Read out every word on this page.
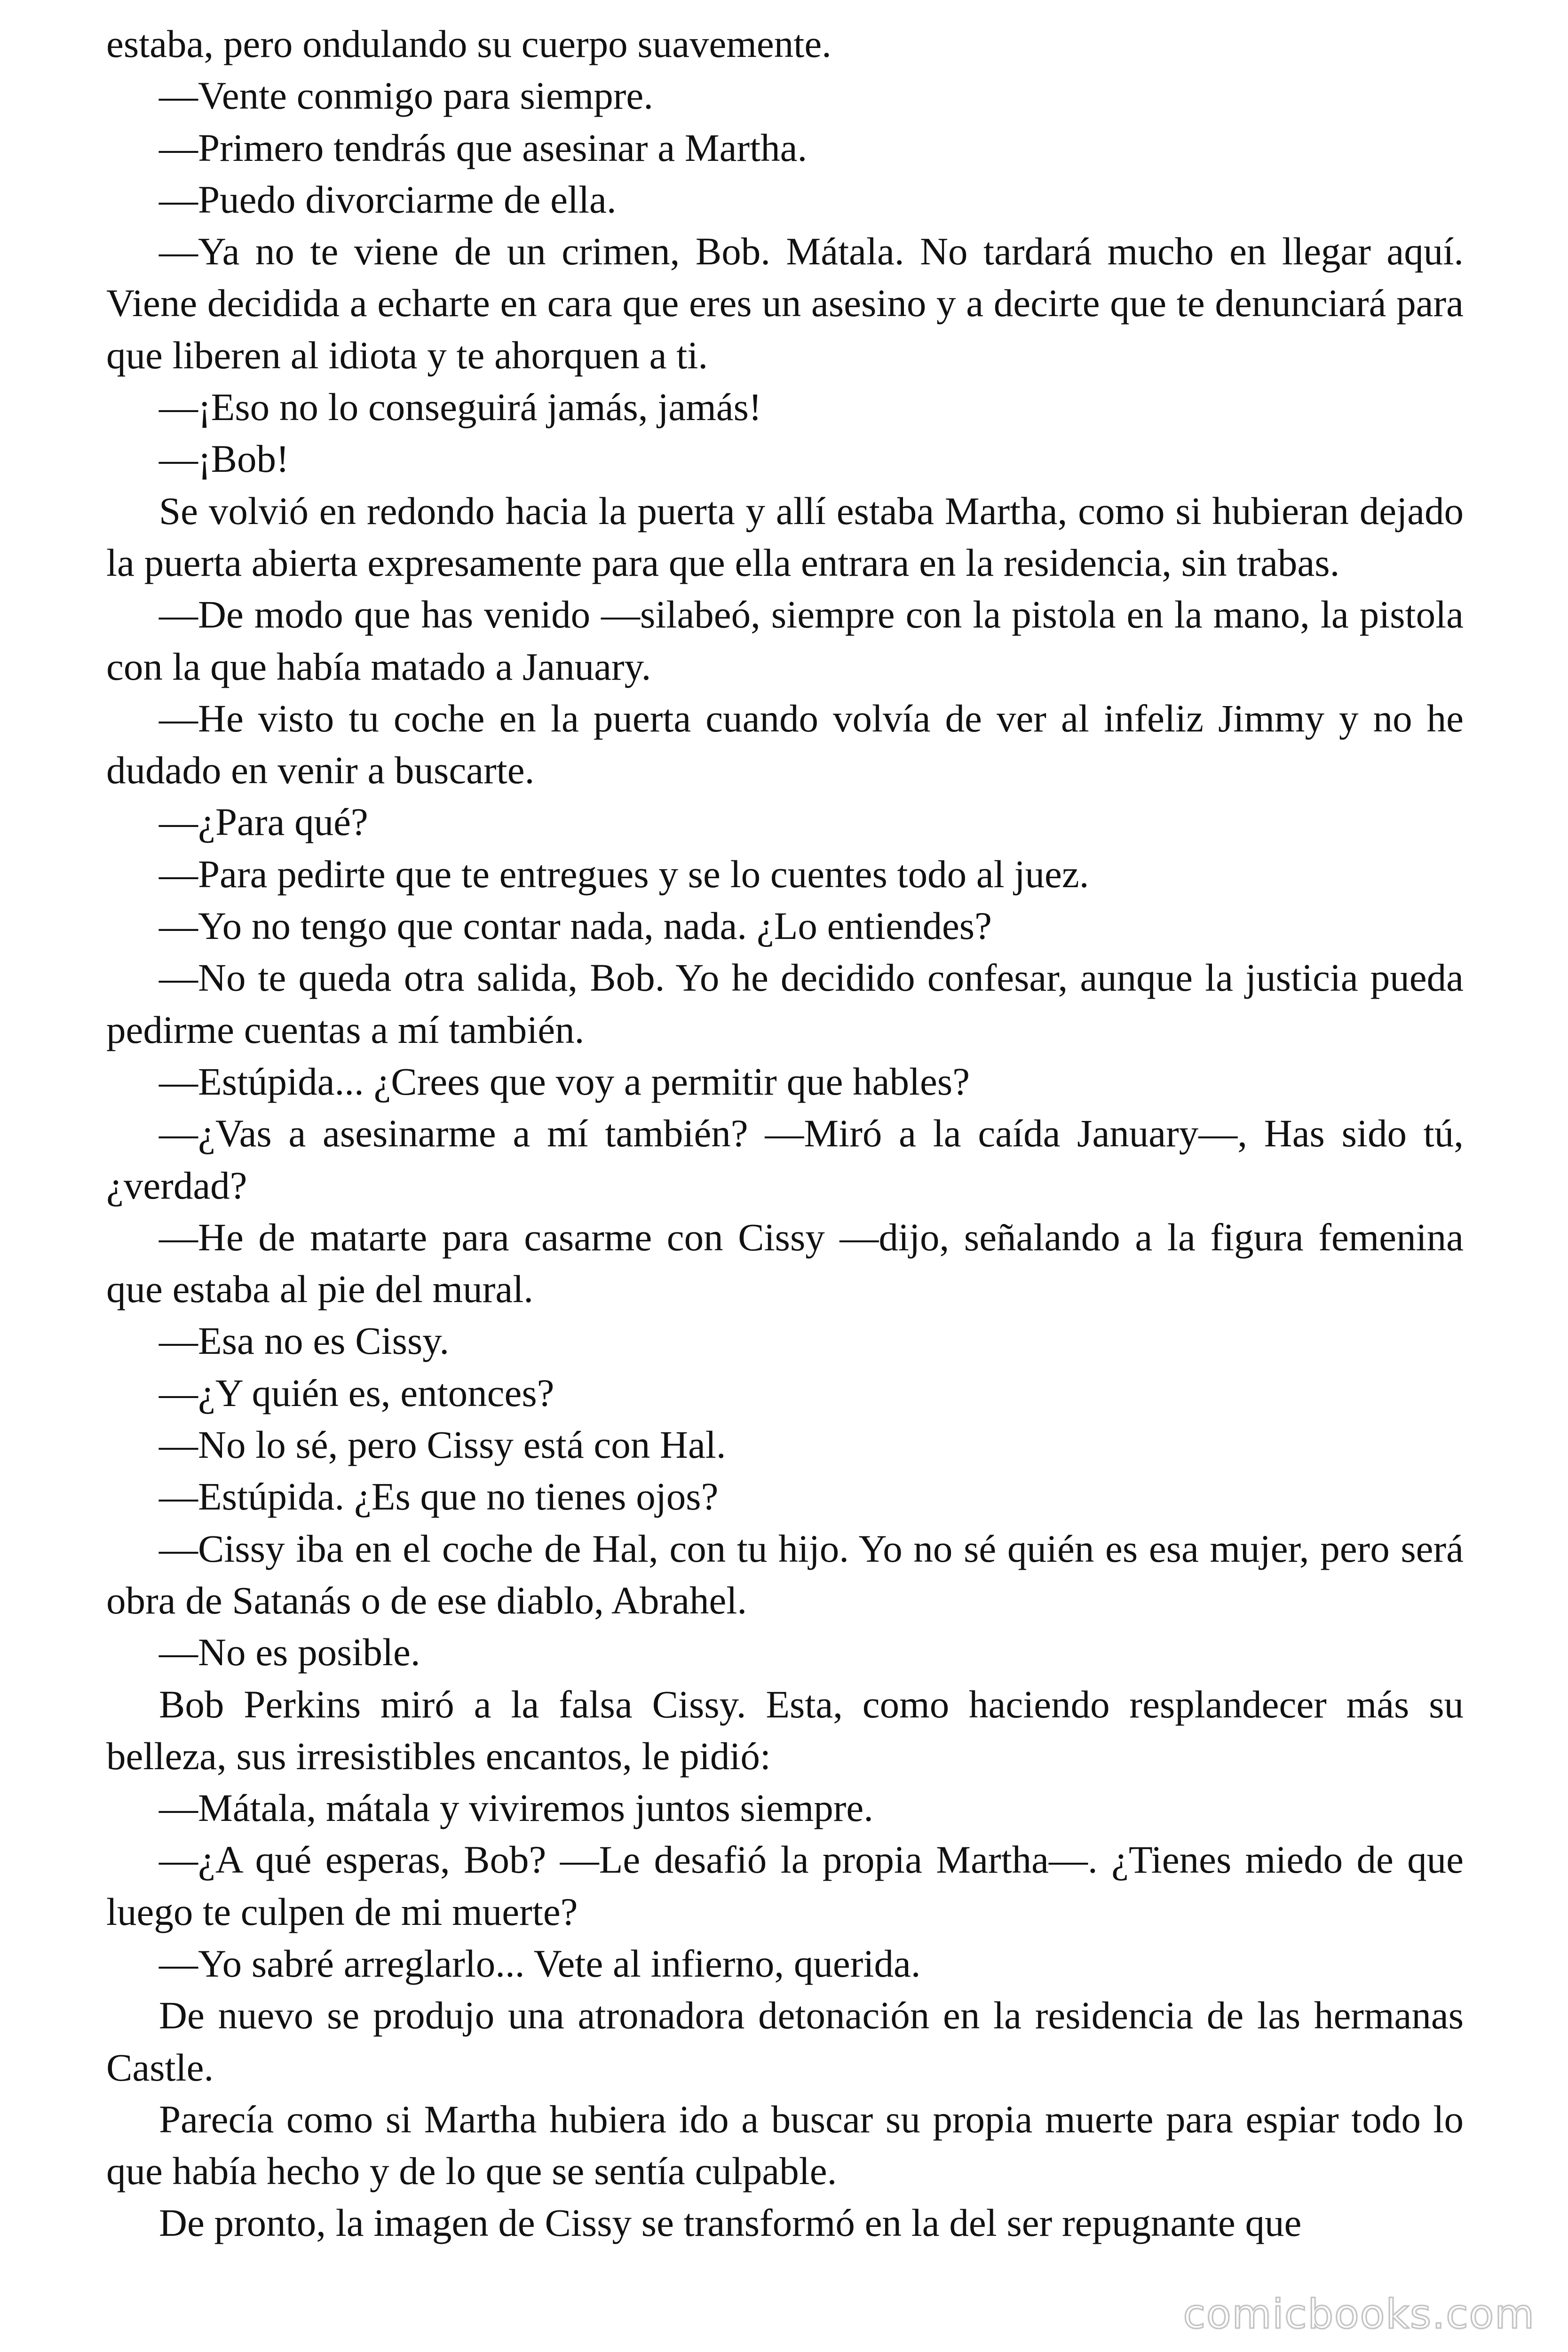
estaba, pero ondulando su cuerpo suavemente.

—Vente conmigo para siempre.

—Primero tendrás que asesinar a Martha.

—Puedo divorciarme de ella.

—Ya no te viene de un crimen, Bob. Mátala. No tardará mucho en llegar aquí. Viene decidida a echarte en cara que eres un asesino y a decirte que te denunciará para que liberen al idiota y te ahorquen a ti.

—¡Eso no lo conseguirá jamás, jamás!

—¡Bob!

Se volvió en redondo hacia la puerta y allí estaba Martha, como si hubieran dejado la puerta abierta expresamente para que ella entrara en la residencia, sin trabas.

—De modo que has venido —silabeó, siempre con la pistola en la mano, la pistola con la que había matado a January.

—He visto tu coche en la puerta cuando volvía de ver al infeliz Jimmy y no he dudado en venir a buscarte.

—¿Para qué?

—Para pedirte que te entregues y se lo cuentes todo al juez.

—Yo no tengo que contar nada, nada. ¿Lo entiendes?

—No te queda otra salida, Bob. Yo he decidido confesar, aunque la justicia pueda pedirme cuentas a mí también.

—Estúpida... ¿Crees que voy a permitir que hables?

—¿Vas a asesinarme a mí también? —Miró a la caída January—, Has sido tú, ¿verdad?

—He de matarte para casarme con Cissy —dijo, señalando a la figura femenina que estaba al pie del mural.

—Esa no es Cissy.

—¿Y quién es, entonces?

—No lo sé, pero Cissy está con Hal.

—Estúpida. ¿Es que no tienes ojos?

—Cissy iba en el coche de Hal, con tu hijo. Yo no sé quién es esa mujer, pero será obra de Satanás o de ese diablo, Abrahel.

—No es posible.

Bob Perkins miró a la falsa Cissy. Esta, como haciendo resplandecer más su belleza, sus irresistibles encantos, le pidió:

—Mátala, mátala y viviremos juntos siempre.

—¿A qué esperas, Bob? —Le desafió la propia Martha—. ¿Tienes miedo de que luego te culpen de mi muerte?

—Yo sabré arreglarlo... Vete al infierno, querida.

De nuevo se produjo una atronadora detonación en la residencia de las hermanas Castle.

Parecía como si Martha hubiera ido a buscar su propia muerte para espiar todo lo que había hecho y de lo que se sentía culpable.

De pronto, la imagen de Cissy se transformó en la del ser repugnante que

comicbooks.com
